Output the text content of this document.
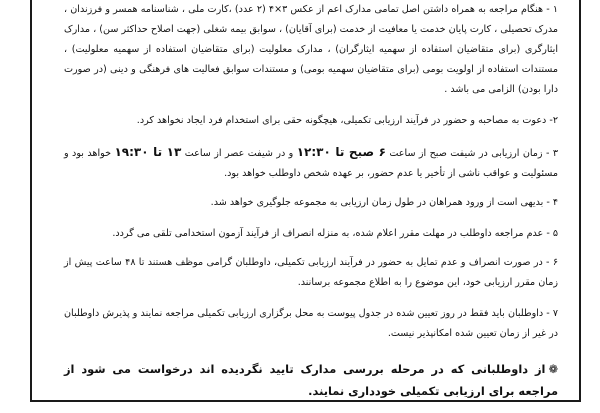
۱ - هنگام مراجعه به همراه داشتن اصل تمامی مدارک اعم از عکس ۳×۴ (۲ عدد) ،کارت ملی ، شناسنامه همسر و فرزندان ، مدرک تحصیلی ، کارت پایان خدمت یا معافیت از خدمت (برای آقایان) ، سوابق بیمه شغلی (جهت اصلاح حداکثر سن) ، مدارک ایثارگری (برای متقاضیان استفاده از سهمیه ایثارگران) ، مدارک معلولیت (برای متقاضیان استفاده از سهمیه معلولیت) ، مستندات استفاده از اولویت بومی (برای متقاضیان سهمیه بومی) و مستندات سوابق فعالیت های فرهنگی و دینی (در صورت دارا بودن) الزامی می باشد .

۲- دعوت به مصاحبه و حضور در فرآیند ارزیابی تکمیلی، هیچگونه حقی برای استخدام فرد ایجاد نخواهد کرد.

۳ - زمان ارزیابی در شیفت صبح از ساعت ۶ صبح تا ۱۲:۳۰ و در شیفت عصر از ساعت ۱۳ تا ۱۹:۳۰ خواهد بود و مسئولیت و عواقب ناشی از تأخیر یا عدم حضور، بر عهده شخص داوطلب خواهد بود.

۴ - بدیهی است از ورود همراهان در طول زمان ارزیابی به مجموعه جلوگیری خواهد شد.

۵ - عدم مراجعه داوطلب در مهلت مقرر اعلام شده، به منزله انصراف از فرآیند آزمون استخدامی تلقی می گردد.

۶ - در صورت انصراف و عدم تمایل به حضور در فرآیند ارزیابی تکمیلی، داوطلبان گرامی موظف هستند تا ۴۸ ساعت پیش از زمان مقرر ارزیابی خود، این موضوع را به اطلاع مجموعه برسانند.

۷ - داوطلبان باید فقط در روز تعیین شده در جدول پیوست به محل برگزاری ارزیابی تکمیلی مراجعه نمایند و پذیرش داوطلبان در غیر از زمان تعیین شده امکانپذیر نیست.

❁از داوطلبانی که در مرحله بررسی مدارک تایید نگردیده اند درخواست می شود از مراجعه برای ارزیابی تکمیلی خودداری نمایند.
